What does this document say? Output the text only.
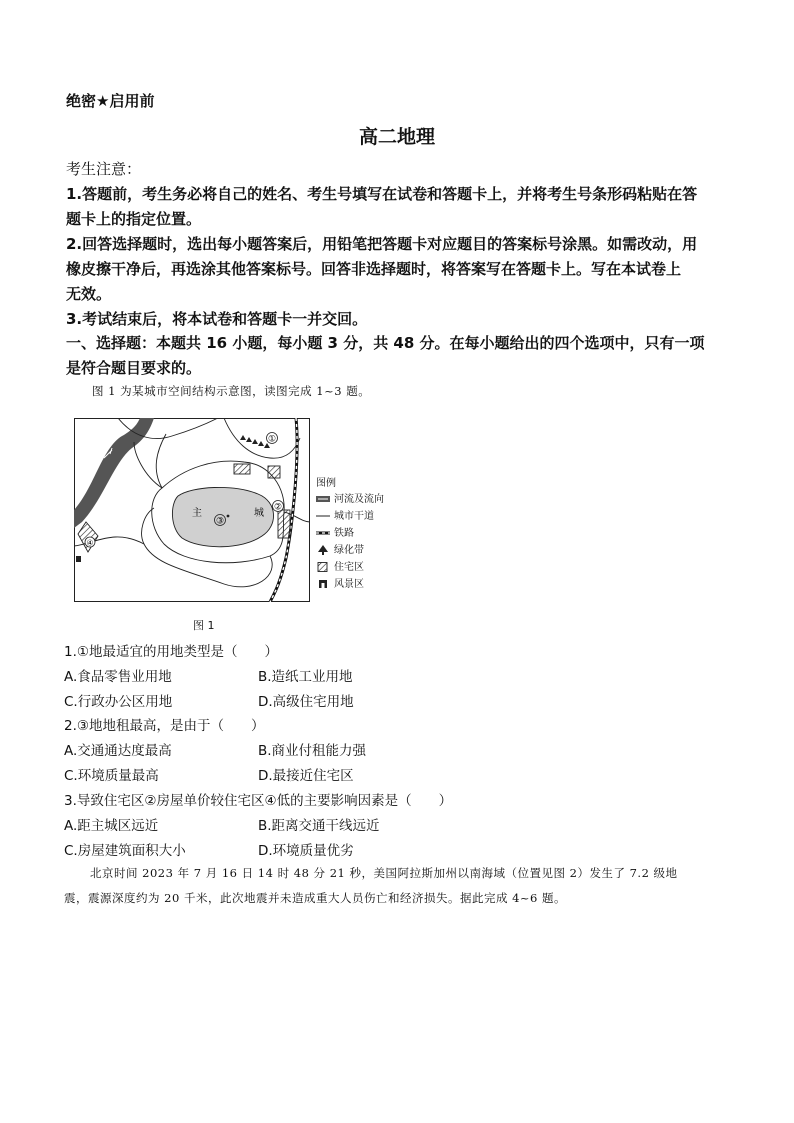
绝密★启用前
高二地理
考生注意：
1.答题前，考生务必将自己的姓名、考生号填写在试卷和答题卡上，并将考生号条形码粘贴在答
题卡上的指定位置。
2.回答选择题时，选出每小题答案后，用铅笔把答题卡对应题目的答案标号涂黑。如需改动，用
橡皮擦干净后，再选涂其他答案标号。回答非选择题时，将答案写在答题卡上。写在本试卷上
无效。
3.考试结束后，将本试卷和答题卡一并交回。
一、选择题：本题共 16 小题，每小题 3 分，共 48 分。在每小题给出的四个选项中，只有一项
是符合题目要求的。
图 1 为某城市空间结构示意图，读图完成 1~3 题。
①
②
③
④
主	城
图例
河流及流向
城市干道
铁路
绿化带
住宅区
风景区
图 1
1.①地最适宜的用地类型是（　　）
A.食品零售业用地	B.造纸工业用地
C.行政办公区用地	D.高级住宅用地
2.③地地租最高，是由于（　　）
A.交通通达度最高	B.商业付租能力强
C.环境质量最高	D.最接近住宅区
3.导致住宅区②房屋单价较住宅区④低的主要影响因素是（　　）
A.距主城区远近	B.距离交通干线远近
C.房屋建筑面积大小	D.环境质量优劣
北京时间 2023 年 7 月 16 日 14 时 48 分 21 秒，美国阿拉斯加州以南海域（位置见图 2）发生了 7.2 级地
震，震源深度约为 20 千米，此次地震并未造成重大人员伤亡和经济损失。据此完成 4~6 题。
